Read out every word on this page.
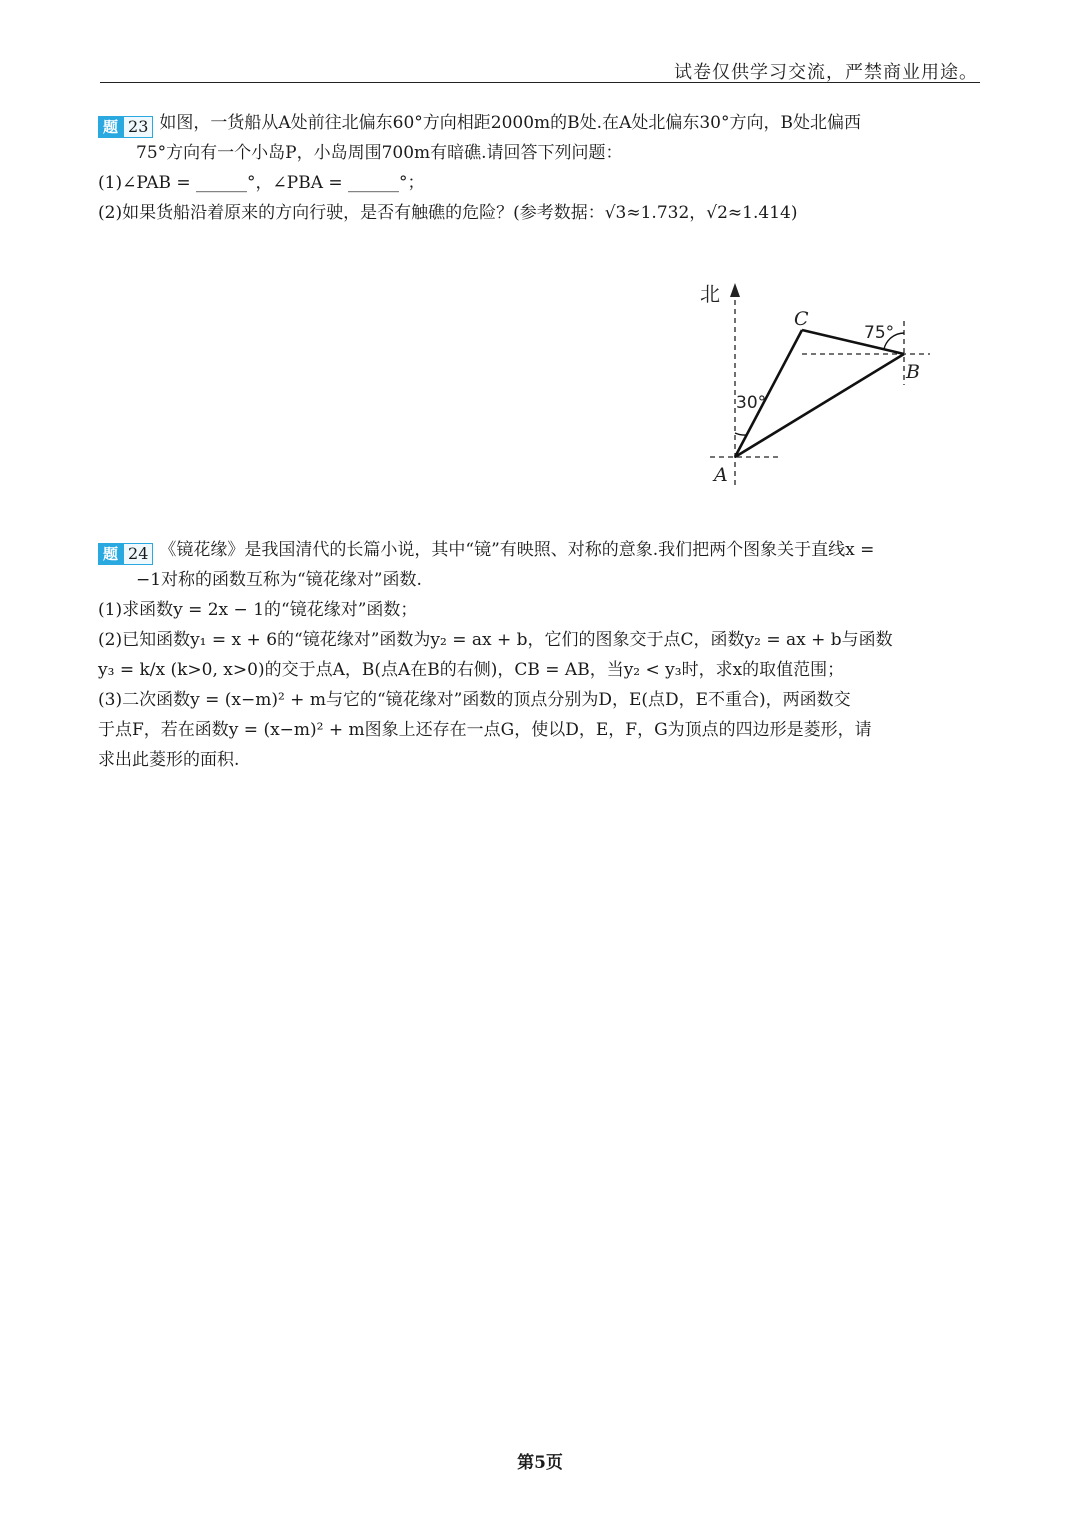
试卷仅供学习交流，严禁商业用途。
题 23 如图，一货船从A处前往北偏东60°方向相距2000m的B处.在A处北偏东30°方向，B处北偏西
75°方向有一个小岛P，小岛周围700m有暗礁.请回答下列问题：
(1)∠PAB = ______°，∠PBA = ______°；
(2)如果货船沿着原来的方向行驶，是否有触礁的危险？(参考数据：√3≈1.732，√2≈1.414)
北
A
B
C
30°
75°
题 24 《镜花缘》是我国清代的长篇小说，其中“镜”有映照、对称的意象.我们把两个图象关于直线x =
−1对称的函数互称为“镜花缘对”函数.
(1)求函数y = 2x − 1的“镜花缘对”函数；
(2)已知函数y₁ = x + 6的“镜花缘对”函数为y₂ = ax + b，它们的图象交于点C，函数y₂ = ax + b与函数
y₃ = k/x (k>0, x>0)的交于点A，B(点A在B的右侧)，CB = AB，当y₂ < y₃时，求x的取值范围；
(3)二次函数y = (x−m)² + m与它的“镜花缘对”函数的顶点分别为D，E(点D，E不重合)，两函数交
于点F，若在函数y = (x−m)² + m图象上还存在一点G，使以D，E，F，G为顶点的四边形是菱形，请
求出此菱形的面积.
第5页
